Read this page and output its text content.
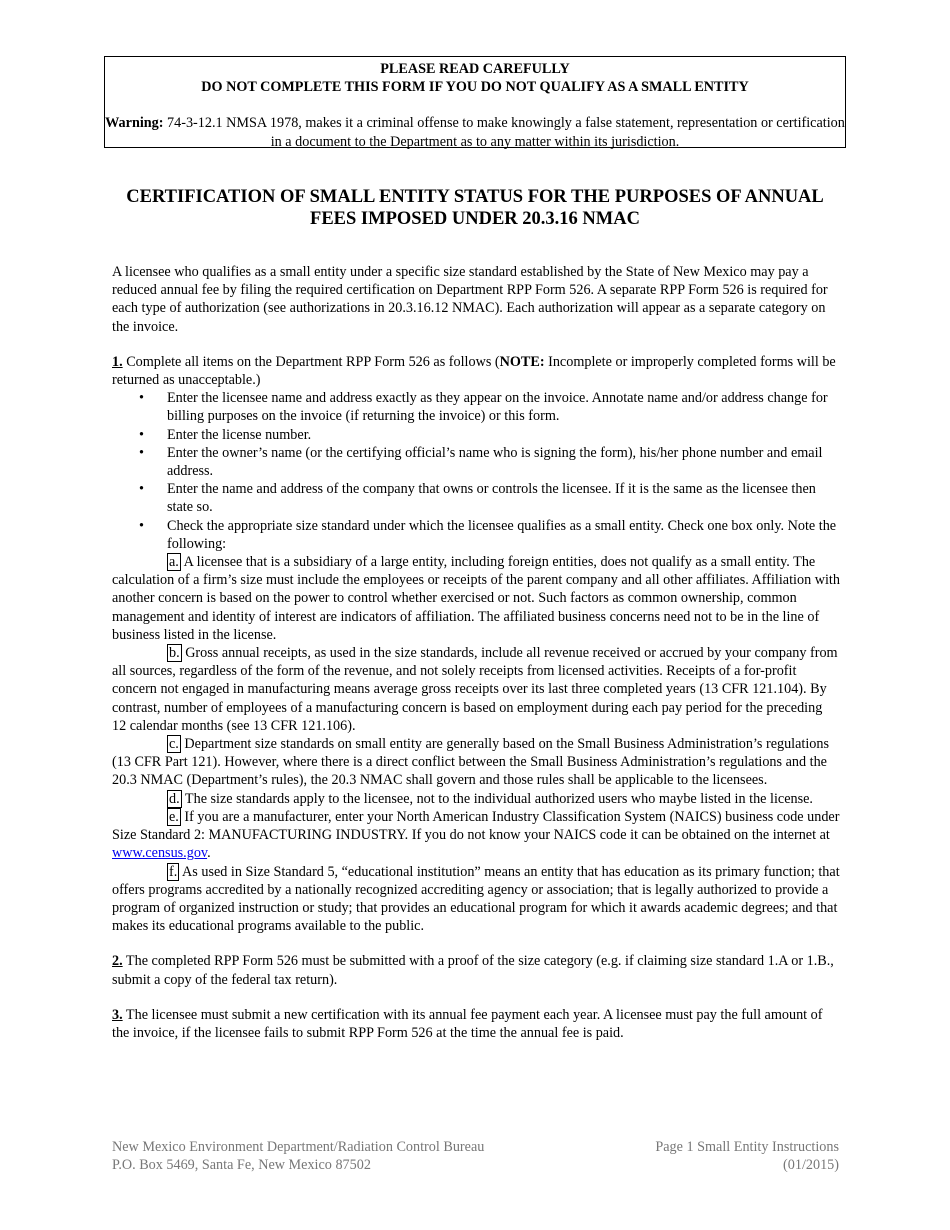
PLEASE READ CAREFULLY
DO NOT COMPLETE THIS FORM IF YOU DO NOT QUALIFY AS A SMALL ENTITY
Warning: 74-3-12.1 NMSA 1978, makes it a criminal offense to make knowingly a false statement, representation or certification in a document to the Department as to any matter within its jurisdiction.
CERTIFICATION OF SMALL ENTITY STATUS FOR THE PURPOSES OF ANNUAL FEES IMPOSED UNDER 20.3.16 NMAC

A licensee who qualifies as a small entity under a specific size standard established by the State of New Mexico may pay a reduced annual fee by filing the required certification on Department RPP Form 526. A separate RPP Form 526 is required for each type of authorization (see authorizations in 20.3.16.12 NMAC). Each authorization will appear as a separate category on the invoice.

1. Complete all items on the Department RPP Form 526 as follows (NOTE: Incomplete or improperly completed forms will be returned as unacceptable.)

• Enter the licensee name and address exactly as they appear on the invoice. Annotate name and/or address change for billing purposes on the invoice (if returning the invoice) or this form.
• Enter the license number.
• Enter the owner’s name (or the certifying official’s name who is signing the form), his/her phone number and email address.
• Enter the name and address of the company that owns or controls the licensee. If it is the same as the licensee then state so.
• Check the appropriate size standard under which the licensee qualifies as a small entity. Check one box only. Note the following:

a. A licensee that is a subsidiary of a large entity, including foreign entities, does not qualify as a small entity. The calculation of a firm’s size must include the employees or receipts of the parent company and all other affiliates. Affiliation with another concern is based on the power to control whether exercised or not. Such factors as common ownership, common management and identity of interest are indicators of affiliation. The affiliated business concerns need not to be in the line of business listed in the license.

b. Gross annual receipts, as used in the size standards, include all revenue received or accrued by your company from all sources, regardless of the form of the revenue, and not solely receipts from licensed activities. Receipts of a for-profit concern not engaged in manufacturing means average gross receipts over its last three completed years (13 CFR 121.104). By contrast, number of employees of a manufacturing concern is based on employment during each pay period for the preceding 12 calendar months (see 13 CFR 121.106).

c. Department size standards on small entity are generally based on the Small Business Administration’s regulations (13 CFR Part 121). However, where there is a direct conflict between the Small Business Administration’s regulations and the 20.3 NMAC (Department’s rules), the 20.3 NMAC shall govern and those rules shall be applicable to the licensees.

d. The size standards apply to the licensee, not to the individual authorized users who maybe listed in the license.

e. If you are a manufacturer, enter your North American Industry Classification System (NAICS) business code under Size Standard 2: MANUFACTURING INDUSTRY. If you do not know your NAICS code it can be obtained on the internet at www.census.gov.

f. As used in Size Standard 5, “educational institution” means an entity that has education as its primary function; that offers programs accredited by a nationally recognized accrediting agency or association; that is legally authorized to provide a program of organized instruction or study; that provides an educational program for which it awards academic degrees; and that makes its educational programs available to the public.

2. The completed RPP Form 526 must be submitted with a proof of the size category (e.g. if claiming size standard 1.A or 1.B., submit a copy of the federal tax return).

3. The licensee must submit a new certification with its annual fee payment each year. A licensee must pay the full amount of the invoice, if the licensee fails to submit RPP Form 526 at the time the annual fee is paid.

New Mexico Environment Department/Radiation Control Bureau
P.O. Box 5469, Santa Fe, New Mexico 87502
Page 1 Small Entity Instructions
(01/2015)
